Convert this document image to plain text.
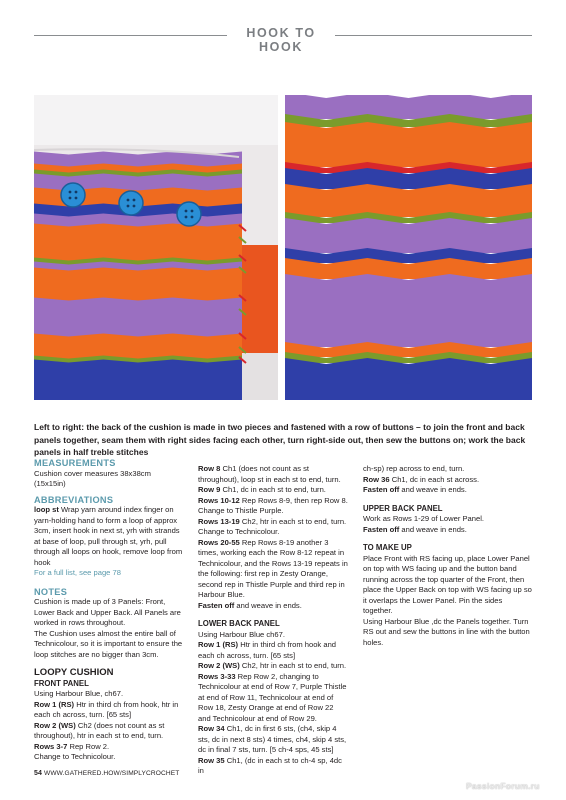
HOOK TO HOOK

Left to right: the back of the cushion is made in two pieces and fastened with a row of buttons – to join the front and back panels together, seam them with right sides facing each other, turn right-side out, then sew the buttons on; work the back panels in half treble stitches

MEASUREMENTS

Cushion cover measures 38x38cm (15x15in)

ABBREVIATIONS

loop st Wrap yarn around index finger on yarn-holding hand to form a loop of approx 3cm, insert hook in next st, yrh with strands at base of loop, pull through st, yrh, pull through all loops on hook, remove loop from hook

For a full list, see page 78

NOTES

Cushion is made up of 3 Panels: Front, Lower Back and Upper Back. All Panels are worked in rows throughout.

The Cushion uses almost the entire ball of Technicolour, so it is important to ensure the loop stitches are no bigger than 3cm.

LOOPY CUSHION

FRONT PANEL

Using Harbour Blue, ch67.

Row 1 (RS) Htr in third ch from hook, htr in each ch across, turn. [65 sts]

Row 2 (WS) Ch2 (does not count as st throughout), htr in each st to end, turn.

Rows 3-7 Rep Row 2.

Change to Technicolour.

Row 8 Ch1 (does not count as st throughout), loop st in each st to end, turn.

Row 9 Ch1, dc in each st to end, turn.

Rows 10-12 Rep Rows 8-9, then rep Row 8.

Change to Thistle Purple.

Rows 13-19 Ch2, htr in each st to end, turn.

Change to Technicolour.

Rows 20-55 Rep Rows 8-19 another 3 times, working each the Row 8-12 repeat in Technicolour, and the Rows 13-19 repeats in the following: first rep in Zesty Orange, second rep in Thistle Purple and third rep in Harbour Blue.

Fasten off and weave in ends.

LOWER BACK PANEL

Using Harbour Blue ch67.

Row 1 (RS) Htr in third ch from hook and each ch across, turn. [65 sts]

Row 2 (WS) Ch2, htr in each st to end, turn.

Rows 3-33 Rep Row 2, changing to Technicolour at end of Row 7, Purple Thistle at end of Row 11, Technicolour at end of Row 18, Zesty Orange at end of Row 22 and Technicolour at end of Row 29.

Row 34 Ch1, dc in first 6 sts, (ch4, skip 4 sts, dc in next 8 sts) 4 times, ch4, skip 4 sts, dc in final 7 sts, turn. [5 ch-4 sps, 45 sts]

Row 35 Ch1, (dc in each st to ch-4 sp, 4dc in

ch-sp) rep across to end, turn.

Row 36 Ch1, dc in each st across.

Fasten off and weave in ends.

UPPER BACK PANEL

Work as Rows 1-29 of Lower Panel.

Fasten off and weave in ends.

TO MAKE UP

Place Front with RS facing up, place Lower Panel on top with WS facing up and the button band running across the top quarter of the Front, then place the Upper Back on top with WS facing up so it overlaps the Lower Panel. Pin the sides together.

Using Harbour Blue ,dc the Panels together. Turn RS out and sew the buttons in line with the button holes.

54 WWW.GATHERED.HOW/SIMPLYCROCHET
PassionForum.ru
